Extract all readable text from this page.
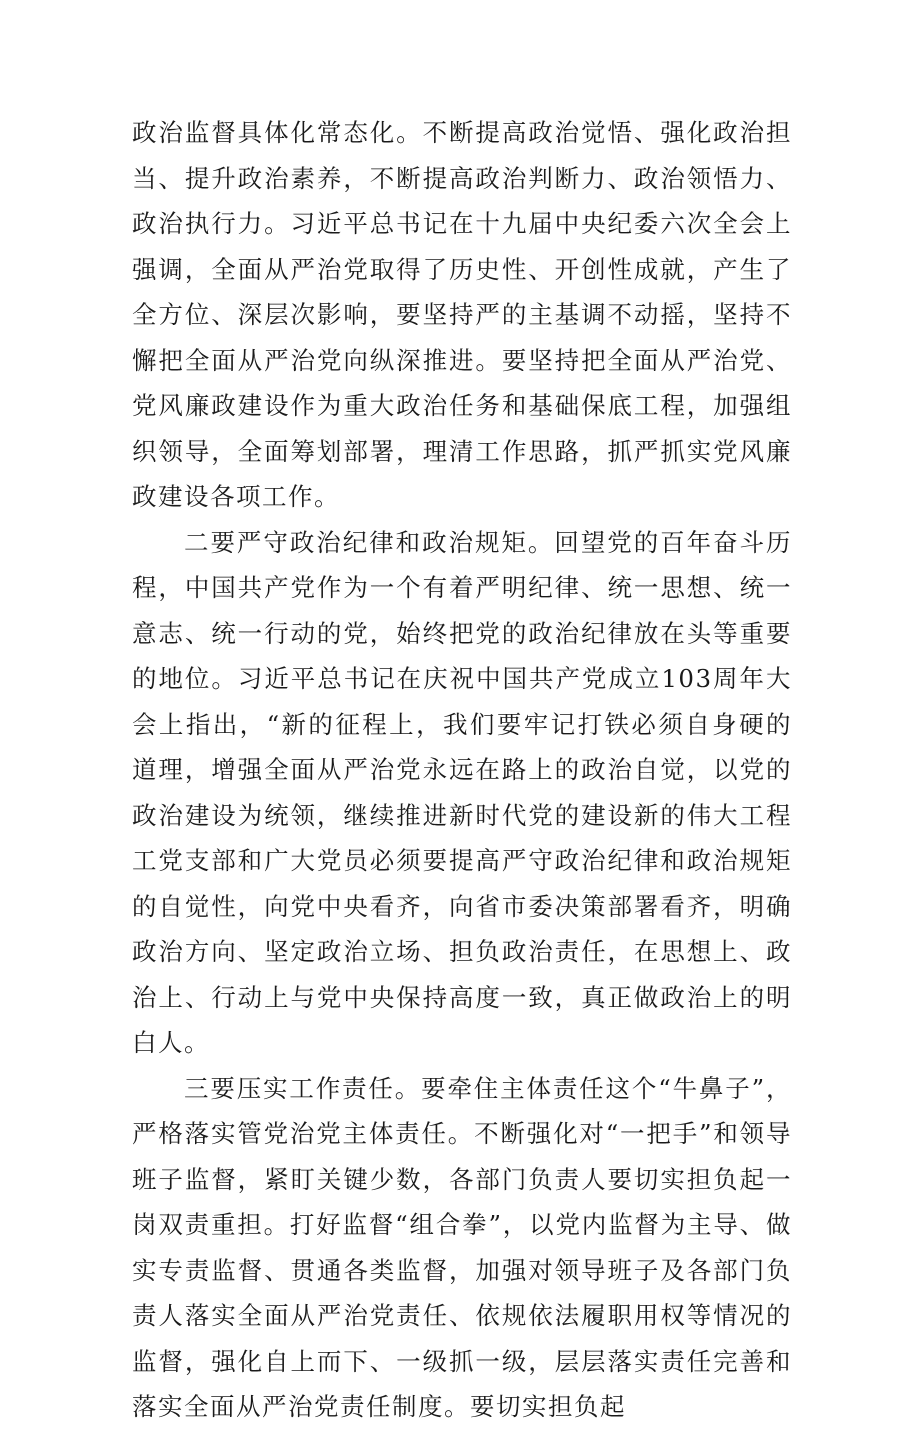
政治监督具体化常态化。不断提高政治觉悟、强化政治担当、提升政治素养，不断提高政治判断力、政治领悟力、政治执行力。习近平总书记在十九届中央纪委六次全会上强调，全面从严治党取得了历史性、开创性成就，产生了全方位、深层次影响，要坚持严的主基调不动摇，坚持不懈把全面从严治党向纵深推进。要坚持把全面从严治党、党风廉政建设作为重大政治任务和基础保底工程，加强组织领导，全面筹划部署，理清工作思路，抓严抓实党风廉政建设各项工作。

二要严守政治纪律和政治规矩。回望党的百年奋斗历程，中国共产党作为一个有着严明纪律、统一思想、统一意志、统一行动的党，始终把党的政治纪律放在头等重要的地位。习近平总书记在庆祝中国共产党成立103周年大会上指出，“新的征程上，我们要牢记打铁必须自身硬的道理，增强全面从严治党永远在路上的政治自觉，以党的政治建设为统领，继续推进新时代党的建设新的伟大工程工党支部和广大党员必须要提高严守政治纪律和政治规矩的自觉性，向党中央看齐，向省市委决策部署看齐，明确政治方向、坚定政治立场、担负政治责任，在思想上、政治上、行动上与党中央保持高度一致，真正做政治上的明白人。

三要压实工作责任。要牵住主体责任这个“牛鼻子”，严格落实管党治党主体责任。不断强化对“一把手”和领导班子监督，紧盯关键少数，各部门负责人要切实担负起一岗双责重担。打好监督“组合拳”，以党内监督为主导、做实专责监督、贯通各类监督，加强对领导班子及各部门负责人落实全面从严治党责任、依规依法履职用权等情况的监督，强化自上而下、一级抓一级，层层落实责任完善和落实全面从严治党责任制度。要切实担负起
